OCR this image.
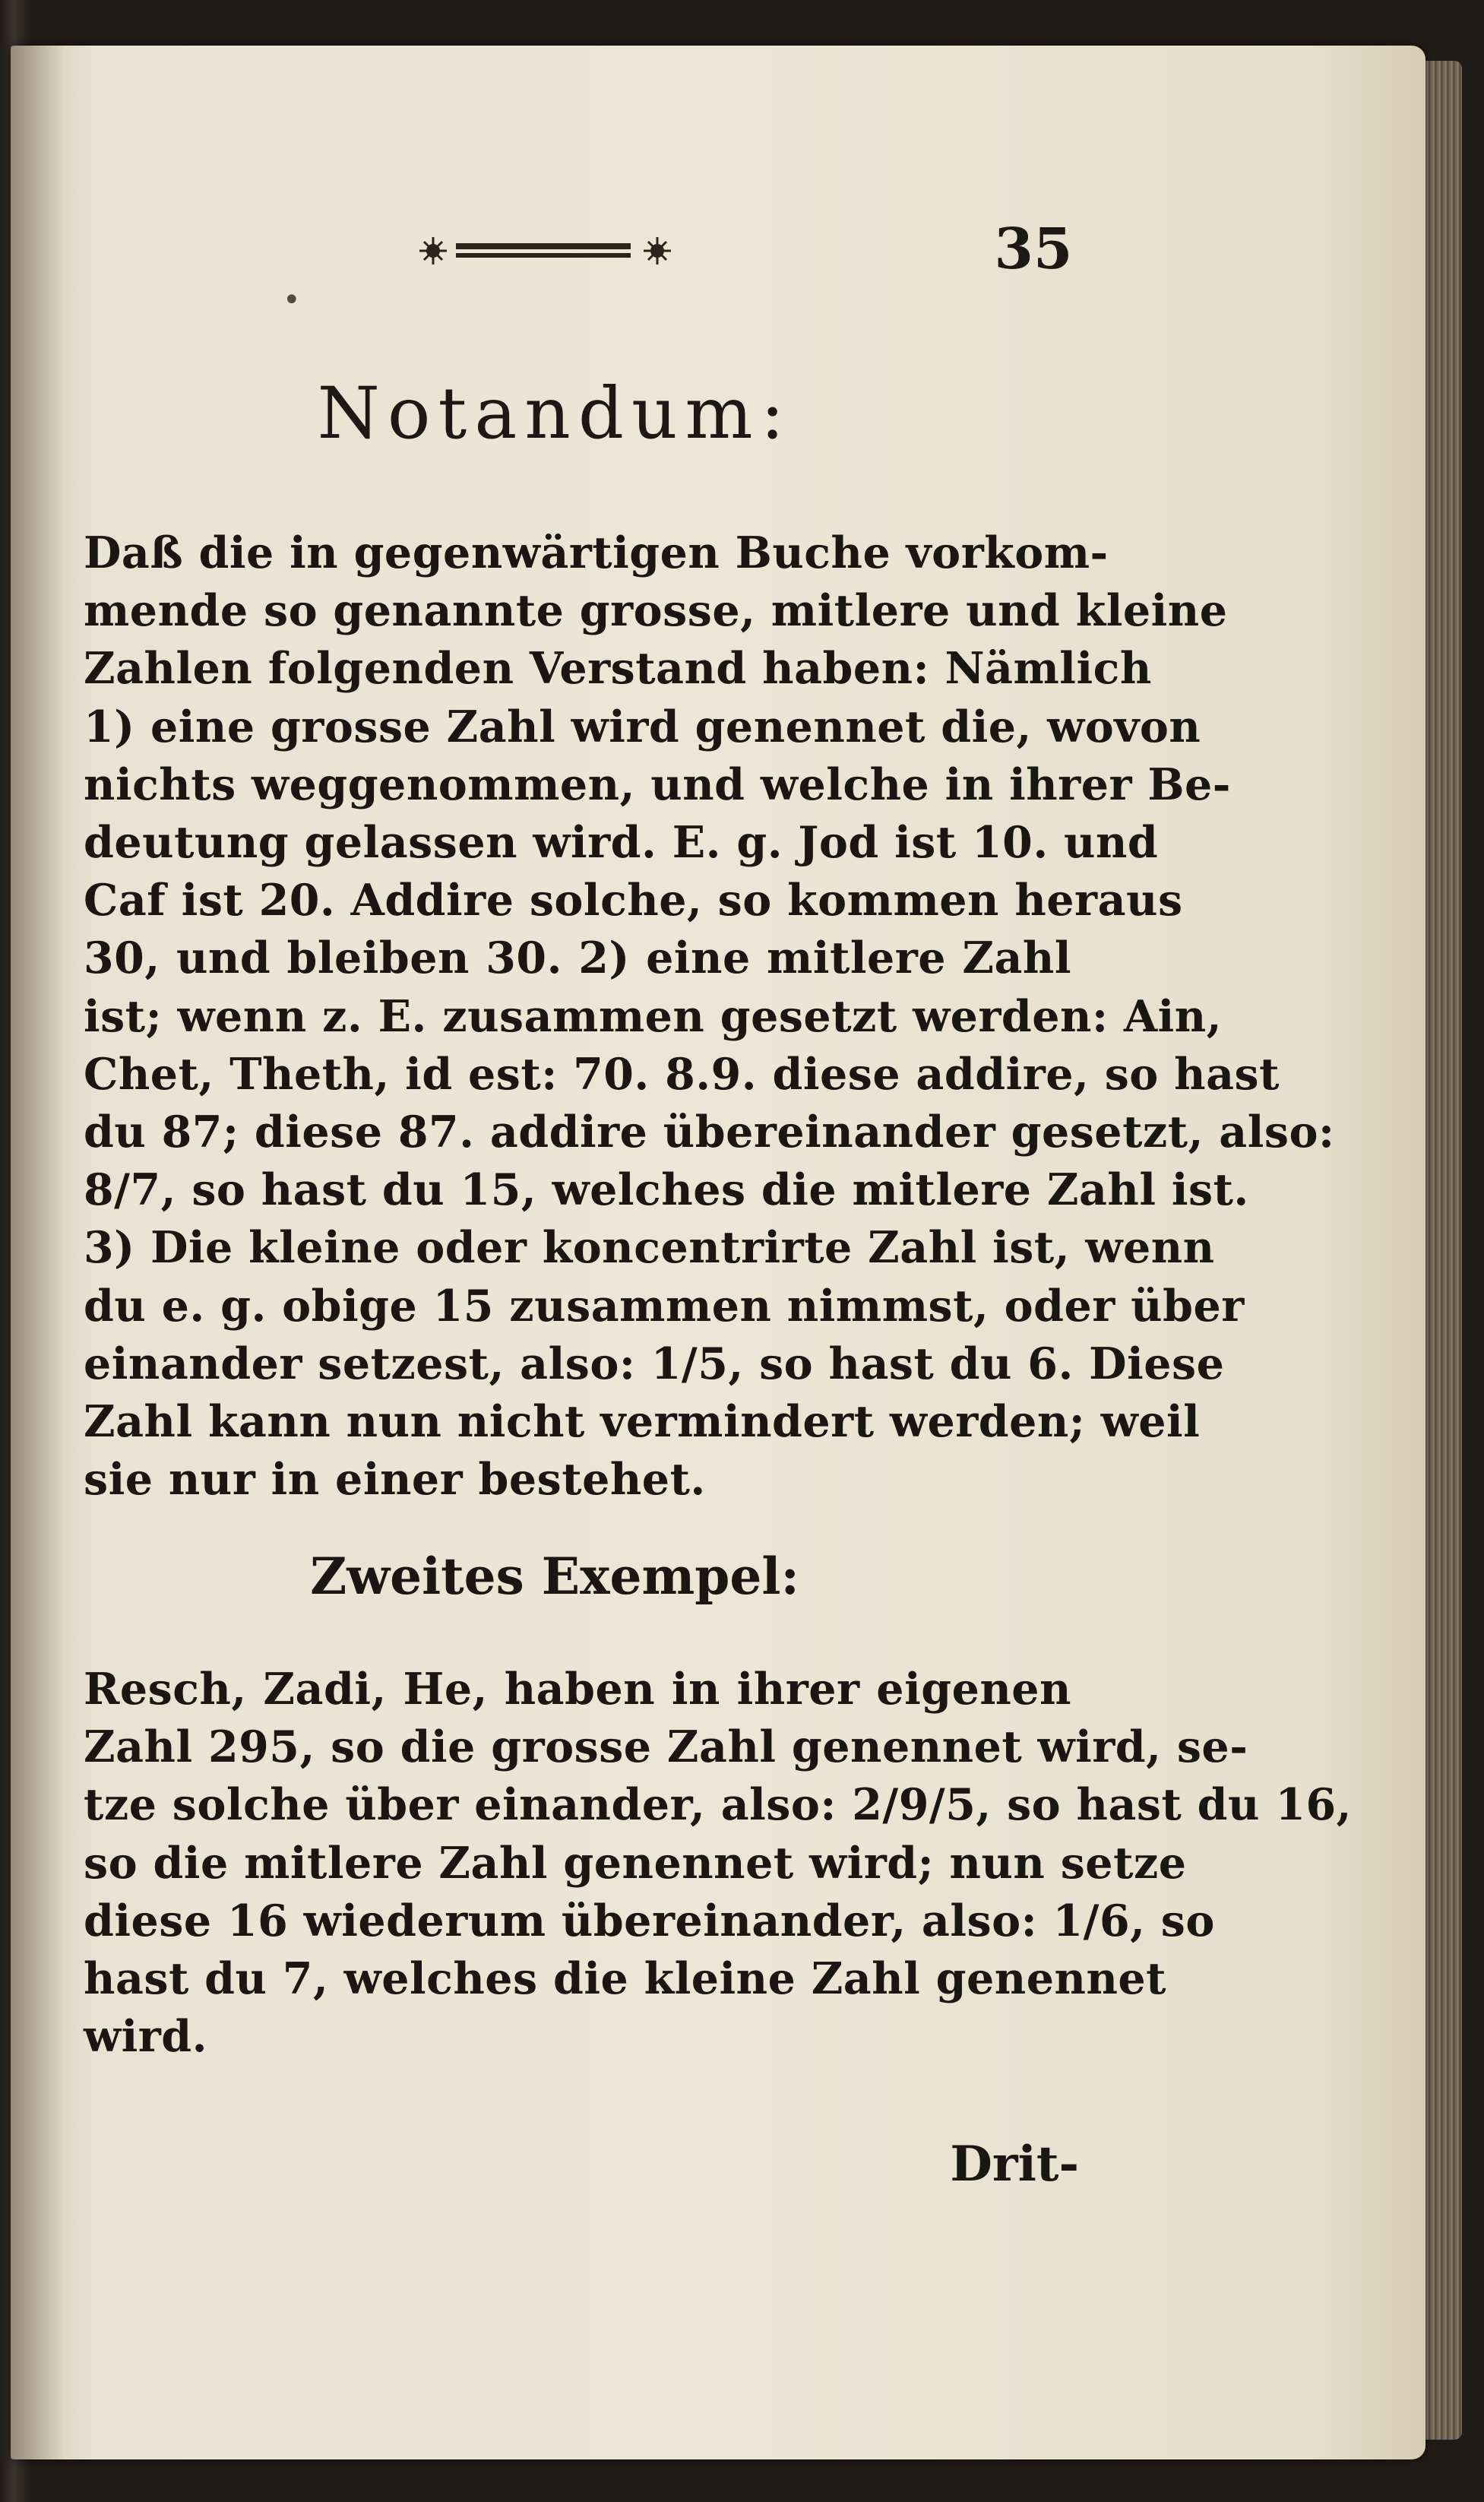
35
•
Notandum:
Daß die in gegenwärtigen Buche vorkom-
mende so genannte grosse, mitlere und kleine
Zahlen folgenden Verstand haben: Nämlich
1) eine grosse Zahl wird genennet die, wovon
nichts weggenommen, und welche in ihrer Be-
deutung gelassen wird. E. g. Jod ist 10. und
Caf ist 20. Addire solche, so kommen heraus
30, und bleiben 30. 2) eine mitlere Zahl
ist; wenn z. E. zusammen gesetzt werden: Ain,
Chet, Theth, id est: 70. 8.9. diese addire, so hast
du 87; diese 87. addire übereinander gesetzt, also:
8/7, so hast du 15, welches die mitlere Zahl ist.
3) Die kleine oder koncentrirte Zahl ist, wenn
du e. g. obige 15 zusammen nimmst, oder über
einander setzest, also: 1/5, so hast du 6. Diese
Zahl kann nun nicht vermindert werden; weil
sie nur in einer bestehet.
Zweites Exempel:
Resch, Zadi, He, haben in ihrer eigenen
Zahl 295, so die grosse Zahl genennet wird, se-
tze solche über einander, also: 2/9/5, so hast du 16,
so die mitlere Zahl genennet wird; nun setze
diese 16 wiederum übereinander, also: 1/6, so
hast du 7, welches die kleine Zahl genennet
wird.
Drit-
